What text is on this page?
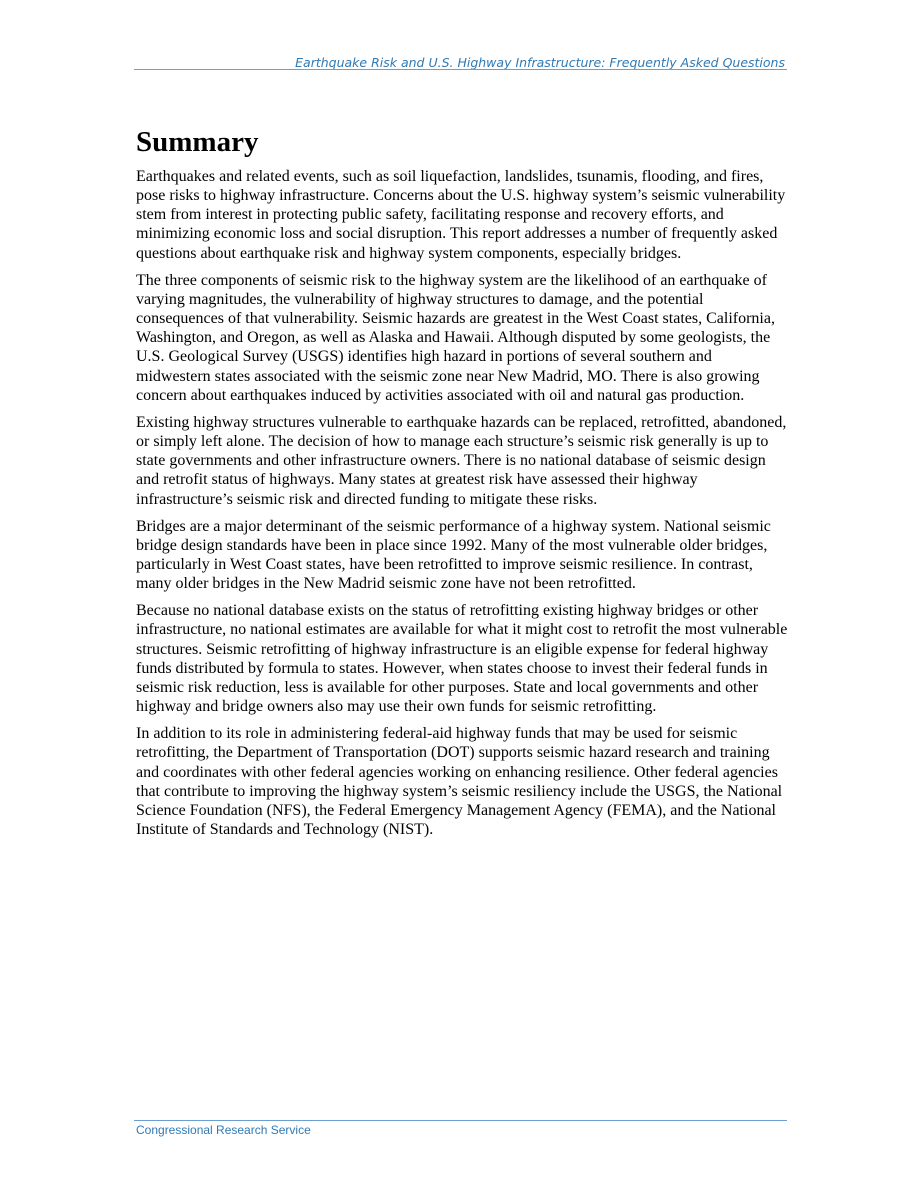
Earthquake Risk and U.S. Highway Infrastructure: Frequently Asked Questions
Summary

Earthquakes and related events, such as soil liquefaction, landslides, tsunamis, flooding, and fires, pose risks to highway infrastructure. Concerns about the U.S. highway system’s seismic vulnerability stem from interest in protecting public safety, facilitating response and recovery efforts, and minimizing economic loss and social disruption. This report addresses a number of frequently asked questions about earthquake risk and highway system components, especially bridges.

The three components of seismic risk to the highway system are the likelihood of an earthquake of varying magnitudes, the vulnerability of highway structures to damage, and the potential consequences of that vulnerability. Seismic hazards are greatest in the West Coast states, California, Washington, and Oregon, as well as Alaska and Hawaii. Although disputed by some geologists, the U.S. Geological Survey (USGS) identifies high hazard in portions of several southern and midwestern states associated with the seismic zone near New Madrid, MO. There is also growing concern about earthquakes induced by activities associated with oil and natural gas production.

Existing highway structures vulnerable to earthquake hazards can be replaced, retrofitted, abandoned, or simply left alone. The decision of how to manage each structure’s seismic risk generally is up to state governments and other infrastructure owners. There is no national database of seismic design and retrofit status of highways. Many states at greatest risk have assessed their highway infrastructure’s seismic risk and directed funding to mitigate these risks.

Bridges are a major determinant of the seismic performance of a highway system. National seismic bridge design standards have been in place since 1992. Many of the most vulnerable older bridges, particularly in West Coast states, have been retrofitted to improve seismic resilience. In contrast, many older bridges in the New Madrid seismic zone have not been retrofitted.

Because no national database exists on the status of retrofitting existing highway bridges or other infrastructure, no national estimates are available for what it might cost to retrofit the most vulnerable structures. Seismic retrofitting of highway infrastructure is an eligible expense for federal highway funds distributed by formula to states. However, when states choose to invest their federal funds in seismic risk reduction, less is available for other purposes. State and local governments and other highway and bridge owners also may use their own funds for seismic retrofitting.

In addition to its role in administering federal-aid highway funds that may be used for seismic retrofitting, the Department of Transportation (DOT) supports seismic hazard research and training and coordinates with other federal agencies working on enhancing resilience. Other federal agencies that contribute to improving the highway system’s seismic resiliency include the USGS, the National Science Foundation (NFS), the Federal Emergency Management Agency (FEMA), and the National Institute of Standards and Technology (NIST).

Congressional Research Service
